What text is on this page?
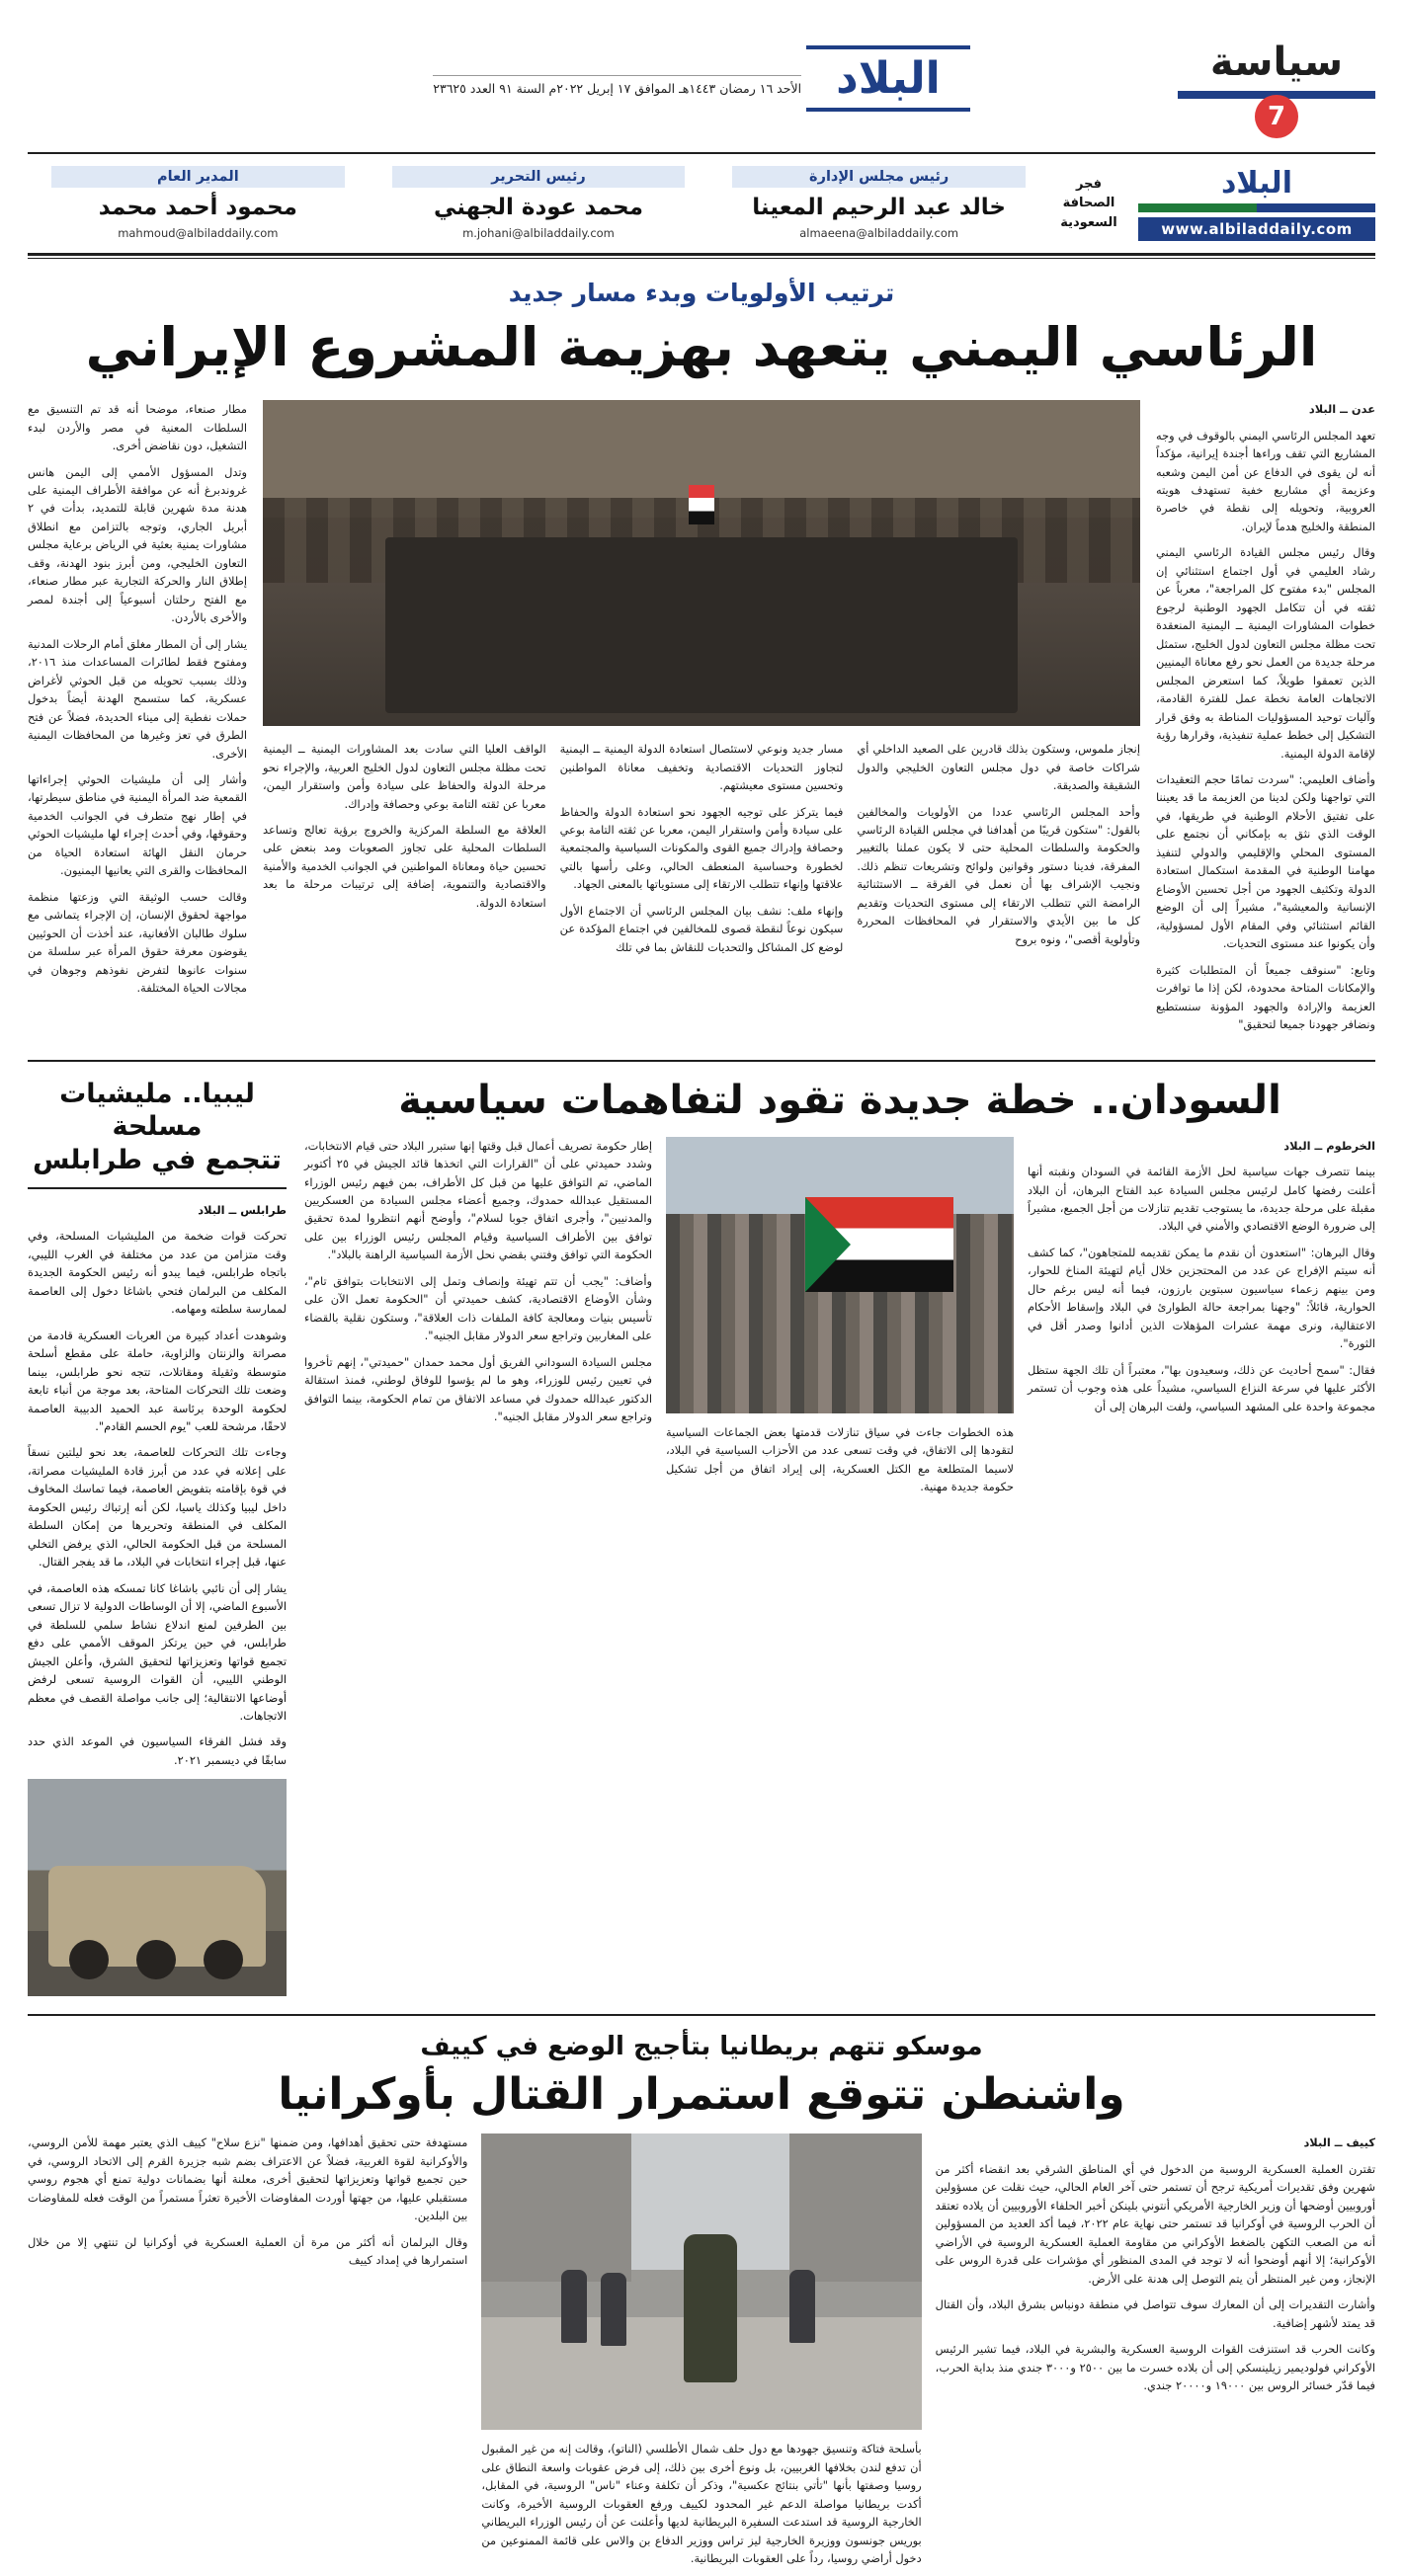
سياسة
7
البلاد
الأحد ١٦ رمضان ١٤٤٣هـ الموافق ١٧ إبريل ٢٠٢٢م السنة ٩١ العدد ٢٣٦٢٥
البلاد
www.albiladdaily.com
فجر
الصحافة
السعودية
رئيس مجلس الإدارة
خالد عبد الرحيم المعينا
almaeena@albiladdaily.com
رئيس التحرير
محمد عودة الجهني
m.johani@albiladdaily.com
المدير العام
محمود أحمد محمد
mahmoud@albiladdaily.com
ترتيب الأولويات وبدء مسار جديد
الرئاسي اليمني يتعهد بهزيمة المشروع الإيراني

عدن ــ البلاد

تعهد المجلس الرئاسي اليمني بالوقوف في وجه المشاريع التي تقف وراءها أجندة إيرانية، مؤكداً أنه لن يقوى في الدفاع عن أمن اليمن وشعبه وعزيمة أي مشاريع خفية تستهدف هويته العروبية، وتحويله إلى نقطة في خاصرة المنطقة والخليج هدماً لإيران.

وقال رئيس مجلس القيادة الرئاسي اليمني رشاد العليمي في أول اجتماع استثنائي إن المجلس "بدء مفتوح كل المراجعة"، معرباً عن ثقته في أن تتكامل الجهود الوطنية لرجوع خطوات المشاورات اليمنية ــ اليمنية المنعقدة تحت مظلة مجلس التعاون لدول الخليج، ستمثل مرحلة جديدة من العمل نحو رفع معاناة اليمنيين الذين تعمقوا طويلاً، كما استعرض المجلس الاتجاهات العامة نخطة عمل للفترة القادمة، وآليات توحيد المسؤوليات المناطة به وفق قرار التشكيل إلى خطط عملية تنفيذية، وقرارها رؤية لإقامة الدولة اليمنية.

وأضاف العليمي: "سردت تمامًا حجم التعقيدات التي تواجهنا ولكن لدينا من العزيمة ما قد يعيننا على تفتيق الأحلام الوطنية في طريقها، في الوقت الذي نثق به بإمكاني أن نجتمع على المستوى المحلي والإقليمي والدولي لتنفيذ مهامنا الوطنية في المقدمة استكمال استعادة الدولة وتكثيف الجهود من أجل تحسين الأوضاع الإنسانية والمعيشية"، مشيراً إلى أن الوضع القائم استثنائي وفي المقام الأول لمسؤولية، وأن يكونوا عند مستوى التحديات.

وتابع: "سنوقف جميعاً أن المتطلبات كثيرة والإمكانات المتاحة محدودة، لكن إذا ما توافرت العزيمة والإرادة والجهود المؤونة سنستطيع ونضافر جهودنا جميعا لتحقيق"

إنجاز ملموس، وستكون بذلك قادرين على الصعيد الداخلي أي شراكات خاصة في دول مجلس التعاون الخليجي والدول الشقيقة والصديقة.

وأحد المجلس الرئاسي عددا من الأولويات والمخالفين بالقول: "ستكون قريبًا من أهدافنا في مجلس القيادة الرئاسي والحكومة والسلطات المحلية حتى لا يكون عملنا بالتغيير المفرقة، فدينا دستور وقوانين ولوائح وتشريعات تنظم ذلك. ونجيب الإشراف بها أن نعمل في الفرقة ــ الاستثنائية الرامضة التي تتطلب الارتقاء إلى مستوى التحديات وتقديم كل ما بين الأيدي والاستقرار في المحافظات المحررة وتأولوية أقصى"، ونوه بروح

مسار جديد ونوعي لاستئصال استعادة الدولة اليمنية ــ اليمنية لتجاوز التحديات الاقتصادية وتخفيف معاناة المواطنين وتحسين مستوى معيشتهم.

فيما يتركز على توجيه الجهود نحو استعادة الدولة والحفاظ على سيادة وأمن واستقرار اليمن، معربا عن ثقته التامة بوعي وحصافة وإدراك جميع القوى والمكونات السياسية والمجتمعية لخطورة وحساسية المنعطف الحالي، وعلى رأسها بالتي علاقتها وإنهاء تتطلب الارتقاء إلى مستوياتها بالمعنى الجهاد.

وإنهاء ملف: نشف بيان المجلس الرئاسي أن الاجتماع الأول سيكون نوعاً لنقطة قصوى للمخالفين في اجتماع المؤكدة عن لوضع كل المشاكل والتحديات للنقاش بما في تلك

الواقف العليا التي سادت بعد المشاورات اليمنية ــ اليمنية تحت مظلة مجلس التعاون لدول الخليج العربية، والإجراء نحو مرحلة الدولة والحفاظ على سيادة وأمن واستقرار اليمن، معربا عن ثقته التامة بوعي وحصافة وإدراك.

العلاقة مع السلطة المركزية والخروج برؤية تعالج وتساعد السلطات المحلية على تجاوز الصعوبات ومد بنعض على تحسين حياة ومعاناة المواطنين في الجوانب الخدمية والأمنية والاقتصادية والتنموية، إضافة إلى ترتيبات مرحلة ما بعد استعادة الدولة.

مطار صنعاء، موضحا أنه قد تم التنسيق مع السلطات المعنية في مصر والأردن لبدء التشغيل، دون نقاضض أخرى.

وتدل المسؤول الأممي إلى اليمن هانس غروندبرغ أنه عن موافقة الأطراف اليمنية على هدنة مدة شهرين قابلة للتمديد، بدأت في ٢ أبريل الجاري، وتوجه بالتزامن مع انطلاق مشاورات يمنية بعثية في الرياض برعاية مجلس التعاون الخليجي، ومن أبرز بنود الهدنة، وقف إطلاق النار والحركة التجارية عبر مطار صنعاء، مع الفتح رحلتان أسبوعياً إلى أجندة لمصر والأخرى بالأردن.

يشار إلى أن المطار مغلق أمام الرحلات المدنية ومفتوح فقط لطائرات المساعدات منذ ٢٠١٦، وذلك بسبب تحويله من قبل الحوثي لأغراض عسكرية، كما ستسمح الهدنة أيضاً بدخول حملات نفطية إلى ميناء الحديدة، فضلاً عن فتح الطرق في تعز وغيرها من المحافظات اليمنية الأخرى.

وأشار إلى أن مليشيات الحوثي إجراءاتها القمعية ضد المرأة اليمنية في مناطق سيطرتها، في إطار نهج متطرف في الجوانب الخدمية وحقوقها، وفي أحدث إجراء لها مليشيات الحوثي حرمان النقل الهائة استعادة الحياة من المحافظات والقرى التي يعانيها اليمنيون.

وقالت حسب الوثيقة التي وزعتها منظمة مواجهة لحقوق الإنسان، إن الإجراء يتماشى مع سلوك طالبان الأفغانية، عند أخذت أن الحوثيين يقوضون معرفة حقوق المرأة عبر سلسلة من سنوات عانوها لتفرض نفوذهم وجوهان في مجالات الحياة المختلفة.

السودان.. خطة جديدة تقود لتفاهمات سياسية

الخرطوم ــ البلاد

بينما تتصرف جهات سياسية لحل الأزمة القائمة في السودان ونقبته أنها أعلنت رفضها كامل لرئيس مجلس السيادة عبد الفتاح البرهان، أن البلاد مقبلة على مرحلة جديدة، ما يستوجب تقديم تنازلات من أجل الجميع، مشيراً إلى ضرورة الوضع الاقتصادي والأمني في البلاد.

وقال البرهان: "استعدون أن نقدم ما يمكن تقديمه للمتجاهون"، كما كشف أنه سيتم الإفراج عن عدد من المحتجزين خلال أيام لتهيئة المناخ للحوار، ومن بينهم زعماء سياسيون سبتوين بارزون، فيما أنه ليس برغم حال الحوارية، قائلاً: "وجهنا بمراجعة حالة الطوارئ في البلاد وإسقاط الأحكام الاعتقالية، ونرى مهمة عشرات المؤهلات الذين أدانوا وصدر أقل في الثورة".

فقال: "سمح أحاديث عن ذلك، وسعيدون بها"، معتبراً أن تلك الجهة ستظل الأكثر عليها في سرعة النزاع السياسي، مشيداً على هذه وجوب أن تستمر مجموعة واحدة على المشهد السياسي، ولفت البرهان إلى أن

هذه الخطوات جاءت في سياق تنازلات قدمتها بعض الجماعات السياسية لتقودها إلى الاتفاق، في وقت تسعى عدد من الأحزاب السياسية في البلاد، لاسيما المتطلعة مع الكتل العسكرية، إلى إيراد اتفاق من أجل تشكيل حكومة جديدة مهنية.

إطار حكومة تصريف أعمال قبل وقتها إنها ستبرر البلاد حتى قيام الانتخابات، وشدد حميدتي على أن "القرارات التي اتخذها قائد الجيش في ٢٥ أكتوبر الماضي، تم التوافق عليها من قبل كل الأطراف، بمن فيهم رئيس الوزراء المستقيل عبدالله حمدوك، وجميع أعضاء مجلس السيادة من العسكريين والمدنيين"، وأجرى اتفاق جوبا لسلام"، وأوضح أنهم انتظروا لمدة تحقيق توافق بين الأطراف السياسية وقيام المجلس رئيس الوزراء بين على الحكومة التي توافق وفتني بقضي نحل الأزمة السياسية الراهنة بالبلاد".

وأضاف: "يجب أن تتم تهيئة وإنصاف وتمل إلى الانتخابات بتوافق تام"، وشأن الأوضاع الاقتصادية، كشف حميدتي أن "الحكومة تعمل الآن على تأسيس بنيات ومعالجة كافة الملفات ذات العلاقة"، وستكون نقلية بالقضاء على المغاربين وتراجع سعر الدولار مقابل الجنيه".

مجلس السيادة السوداني الفريق أول محمد حمدان "حميدتي"، إنهم تأخروا في تعيين رئيس للوزراء، وهو ما لم يؤسوا للوفاق لوطني، فمنذ استقالة الدكتور عبدالله حمدوك في مساعد الاتفاق من تمام الحكومة، بينما التوافق وتراجع سعر الدولار مقابل الجنيه".

ليبيا.. مليشيات مسلحة
تتجمع في طرابلس

طرابلس ــ البلاد

تحركت قوات ضخمة من المليشيات المسلحة، وفي وقت متزامن من عدد من مختلفة في الغرب الليبي، باتجاه طرابلس، فيما يبدو أنه رئيس الحكومة الجديدة المكلف من البرلمان فتحي باشاغا دخول إلى العاصمة لممارسة سلطته ومهامه.

وشوهدت أعداد كبيرة من العربات العسكرية قادمة من مصراتة والزنتان والزاوية، حاملة على مقطع أسلحة متوسطة وثقيلة ومقاتلات، تتجه نحو طرابلس، بينما وضعت تلك التحركات المتاحة، بعد موجة من أنباء تابعة لحكومة الوحدة برئاسة عبد الحميد الدبيبة العاصمة لاحقًا، مرشحة للعب "يوم الحسم القادم".

وجاءت تلك التحركات للعاصمة، بعد نحو ليلتين نسقاً على إعلانه في عدد من أبرز قادة المليشيات مصراتة، في قوة بإقامته بتفويض العاصمة، فيما تماسك المخاوف داخل ليبيا وكذلك ياسيا، لكن أنه إرتباك رئيس الحكومة المكلف في المنطقة وتحريرها من إمكان السلطة المسلحة من قبل الحكومة الحالي، الذي يرفض التخلي عنها، قبل إجراء انتخابات في البلاد، ما قد يفجر القتال.

يشار إلى أن نائبي باشاغا كانا تمسكه هذه العاصمة، في الأسبوع الماضي، إلا أن الوساطات الدولية لا تزال تسعى بين الطرفين لمنع اندلاع نشاط سلمي للسلطة في طرابلس، في حين يرتكز الموقف الأممي على دفع تجميع قواتها وتعزيزاتها لتحقيق الشرق، وأعلن الجيش الوطني الليبي، أن القوات الروسية تسعى لرفض أوضاعها الانتقالية؛ إلى جانب مواصلة القصف في معظم الاتجاهات.

وقد فشل الفرقاء السياسيون في الموعد الذي حدد سابقًا في ديسمبر ٢٠٢١.

موسكو تتهم بريطانيا بتأجيج الوضع في كييف
واشنطن تتوقع استمرار القتال بأوكرانيا

كييف ــ البلاد

تقترن العملية العسكرية الروسية من الدخول في أي المناطق الشرقي بعد انقضاء أكثر من شهرين وفق تقديرات أمريكية ترجح أن تستمر حتى آخر العام الحالي، حيث نقلت عن مسؤولين أوروبيين أوضحها أن وزير الخارجية الأمريكي أنتوني بلينكن أخبر الحلفاء الأوروبيين أن يلاده تعتقد أن الحرب الروسية في أوكرانيا قد تستمر حتى نهاية عام ٢٠٢٢، فيما أكد العديد من المسؤولين أنه من الصعب التكهن بالضغط الأوكراني من مقاومة العملية العسكرية الروسية في الأراضي الأوكرانية؛ إلا أنهم أوضحوا أنه لا توجد في المدى المنظور أي مؤشرات على قدرة الروس على الإنجاز، ومن غير المنتظر أن يتم التوصل إلى هدنة على الأرض.

وأشارت التقديرات إلى أن المعارك سوف تتواصل في منطقة دونباس بشرق البلاد، وأن القتال قد يمتد لأشهر إضافية.

وكانت الحرب قد استنزفت القوات الروسية العسكرية والبشرية في البلاد، فيما تشير الرئيس الأوكراني فولوديمير زيلينسكي إلى أن بلاده خسرت ما بين ٢٥٠٠ و٣٠٠٠ جندي منذ بداية الحرب، فيما قدّر خسائر الروس بين ١٩٠٠٠ و٢٠٠٠٠ جندي.

بأسلحة فتاكة وتنسيق جهودها مع دول حلف شمال الأطلسي (الناتو)، وقالت إنه من غير المقبول أن تدفع لندن بخلافها الغربيين، بل ونوع أخرى بين ذلك، إلى فرض عقوبات واسعة النطاق على روسيا وصفتها بأنها "تأتي بنتائج عكسية"، وذكر أن تكلفة وعناء "ناس" الروسية، في المقابل، أكدت بريطانيا مواصلة الدعم غير المحدود لكييف ورفع العقوبات الروسية الأخيرة، وكانت الخارجية الروسية قد استدعت السفيرة البريطانية لديها وأعلنت عن أن رئيس الوزراء البريطاني بوريس جونسون ووزيرة الخارجية ليز تراس ووزير الدفاع بن والاس على قائمة الممنوعين من دخول أراضي روسيا، رداً على العقوبات البريطانية.

مستهدفة حتى تحقيق أهدافها، ومن ضمنها "نزع سلاح" كييف الذي يعتبر مهمة للأمن الروسي، والأوكرانية لقوة الغربية، فضلاً عن الاعتراف بضم شبه جزيرة القرم إلى الاتحاد الروسي، في حين تجميع قواتها وتعزيزاتها لتحقيق أخرى، معلنة أنها بضمانات دولية تمنع أي هجوم روسي مستقبلي عليها، من جهتها أوردت المفاوضات الأخيرة تعثراً مستمراً من الوقت فعله للمفاوضات بين البلدين.

وقال البرلمان أنه أكثر من مرة أن العملية العسكرية في أوكرانيا لن تنتهي إلا من خلال استمرارها في إمداد كييف
